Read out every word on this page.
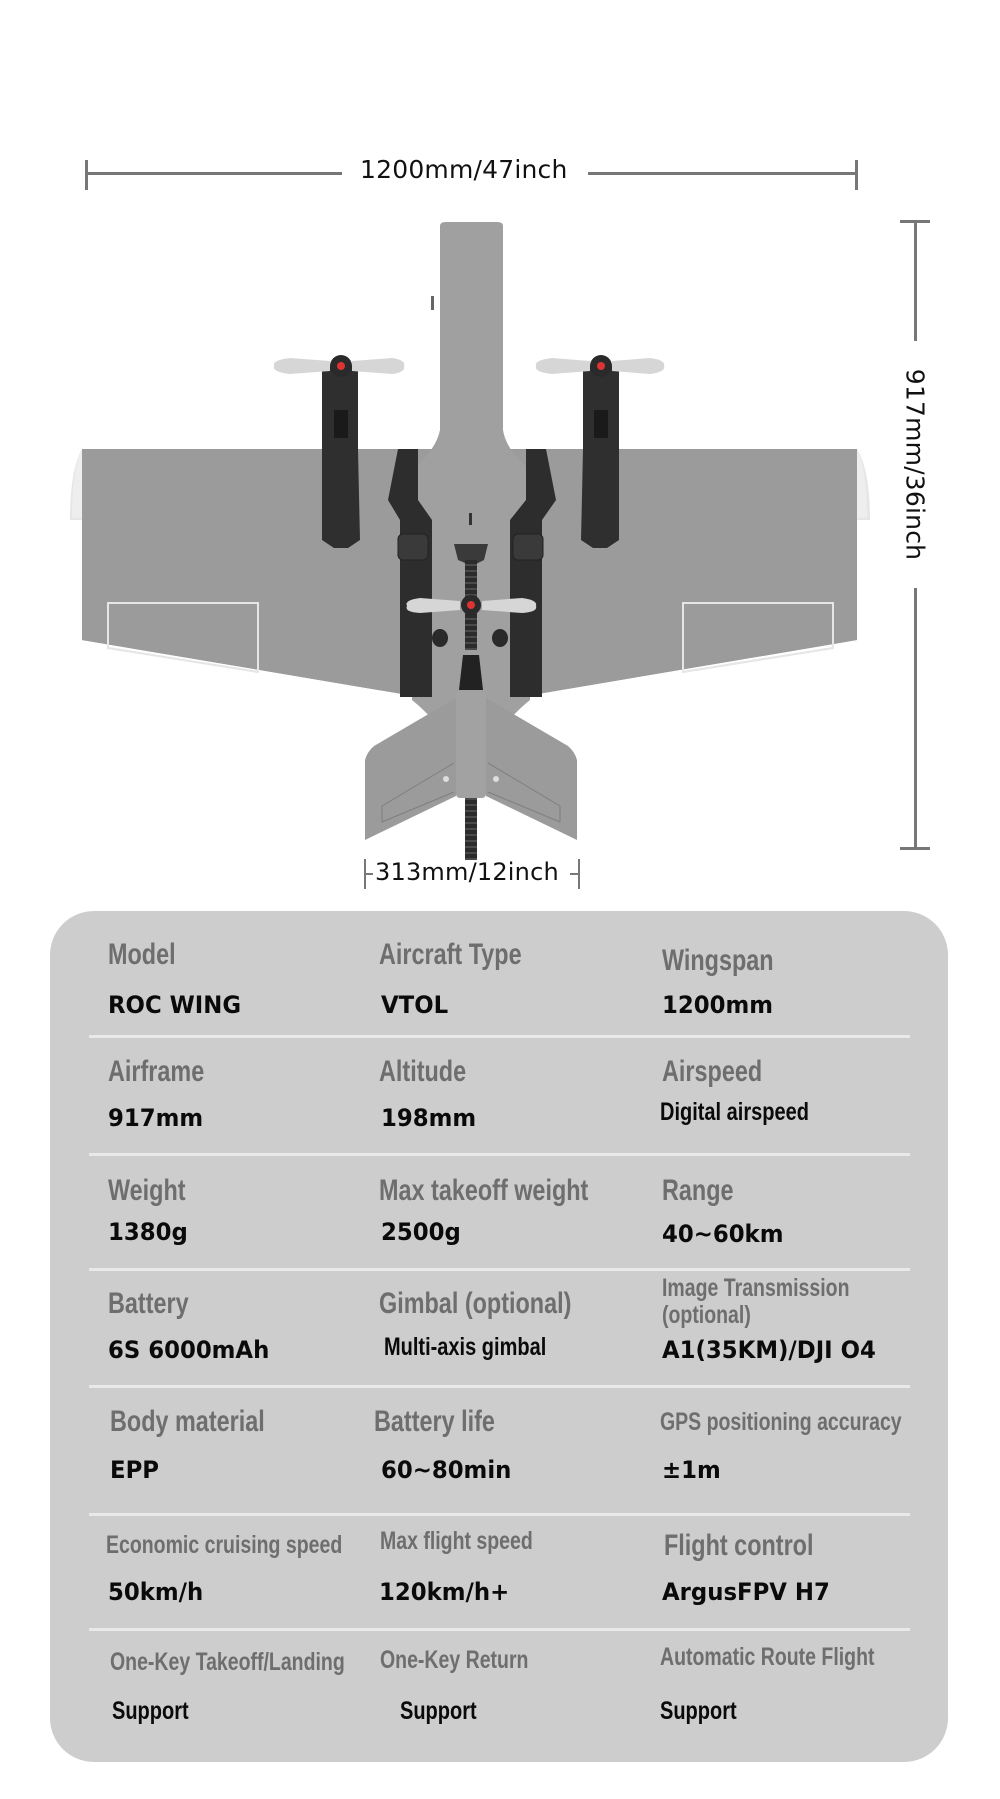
1200mm/47inch
917mm/36inch
313mm/12inch
Model
ROC WING
Aircraft Type
VTOL
Wingspan
1200mm
Airframe
917mm
Altitude
198mm
Airspeed
Digital airspeed
Weight
1380g
Max takeoff weight
2500g
Range
40~60km
Battery
6S 6000mAh
Gimbal (optional)
Multi-axis gimbal
Image Transmission
(optional)
A1(35KM)/DJI O4
Body material
EPP
Battery life
60~80min
GPS positioning accuracy
±1m
Economic cruising speed
50km/h
Max flight speed
120km/h+
Flight control
ArgusFPV H7
One-Key Takeoff/Landing
Support
One-Key Return
Support
Automatic Route Flight
Support
